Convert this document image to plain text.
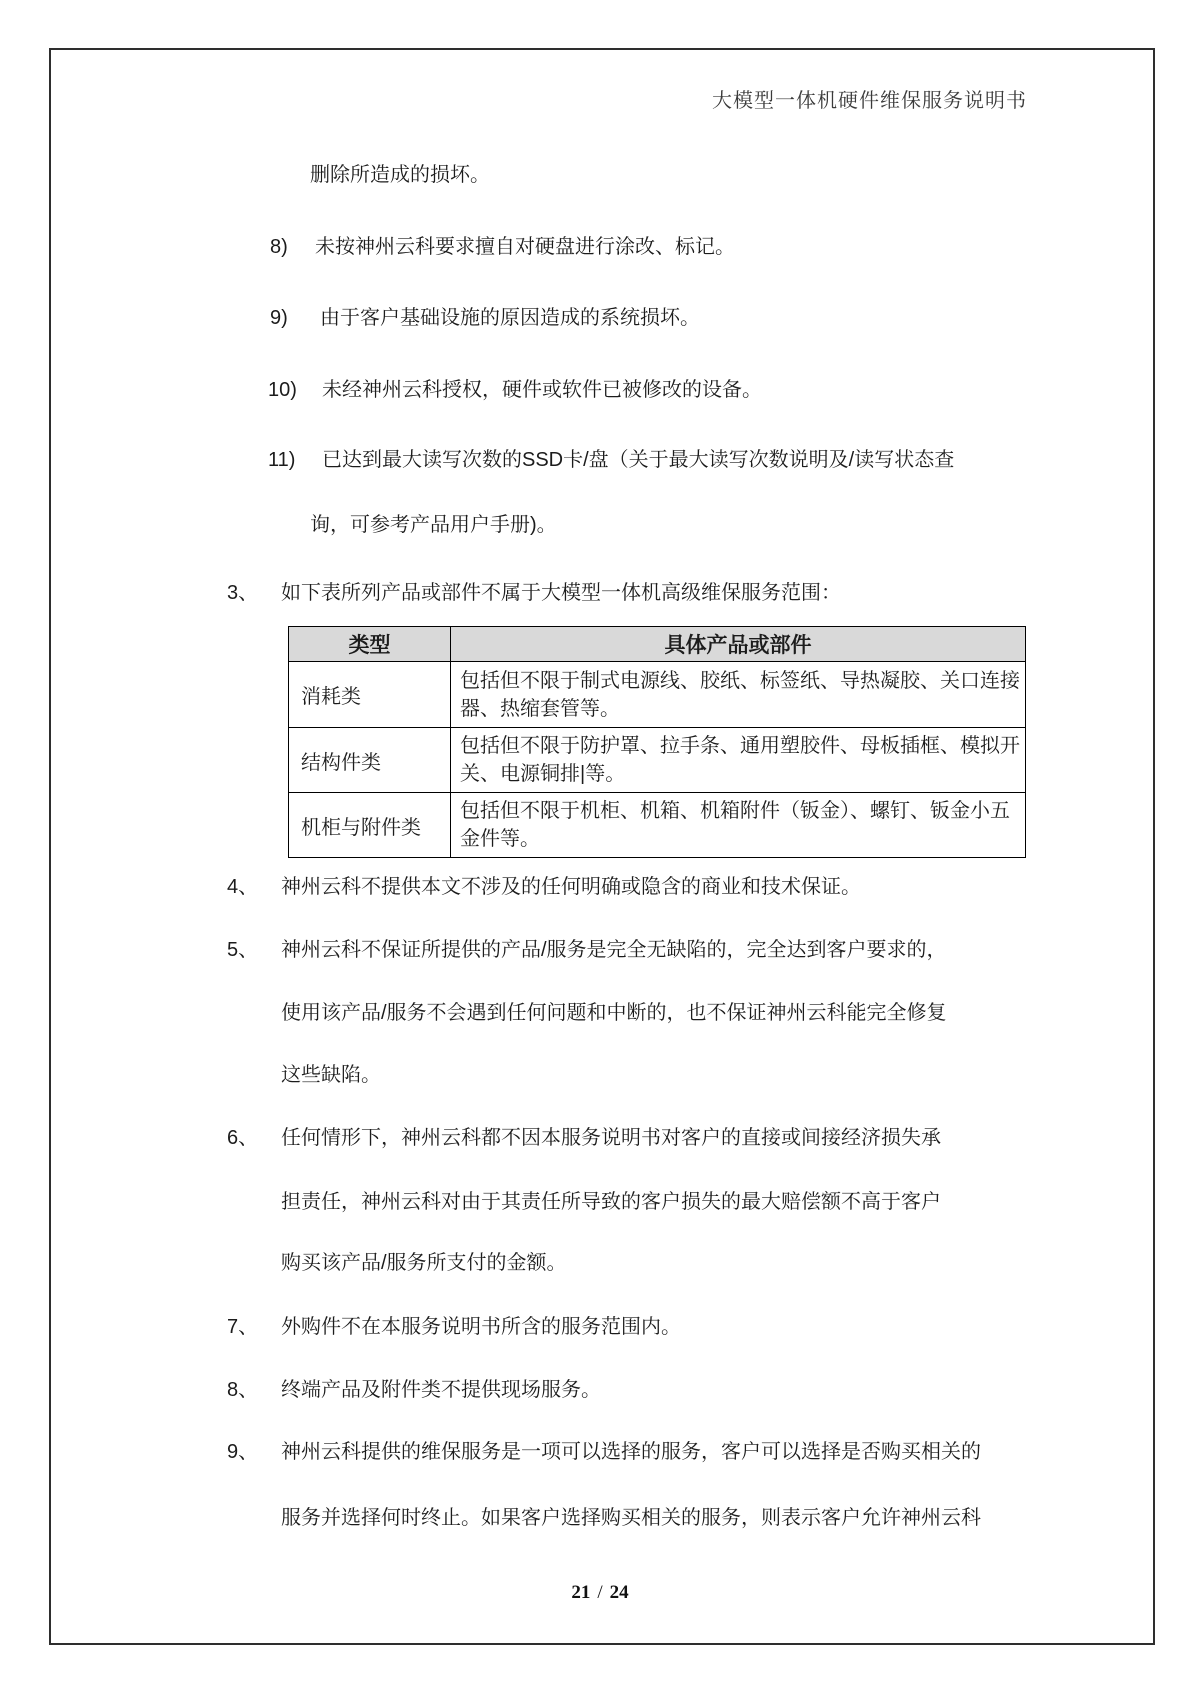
大模型一体机硬件维保服务说明书
删除所造成的损坏。
8) 未按神州云科要求擅自对硬盘进行涂改、标记。
9) 由于客户基础设施的原因造成的系统损坏。
10) 未经神州云科授权，硬件或软件已被修改的设备。
11) 已达到最大读写次数的SSD卡/盘（关于最大读写次数说明及/读写状态查
询，可参考产品用户手册)。
3、 如下表所列产品或部件不属于大模型一体机高级维保服务范围：
类型	具体产品或部件
消耗类	包括但不限于制式电源线、胶纸、标签纸、导热凝胶、关口连接
器、热缩套管等。

结构件类	包括但不限于防护罩、拉手条、通用塑胶件、母板插框、模拟开
关、电源铜排|等。

机柜与附件类	包括但不限于机柜、机箱、机箱附件（钣金）、螺钉、钣金小五
金件等。
4、 神州云科不提供本文不涉及的任何明确或隐含的商业和技术保证。
5、 神州云科不保证所提供的产品/服务是完全无缺陷的，完全达到客户要求的，
使用该产品/服务不会遇到任何问题和中断的，也不保证神州云科能完全修复
这些缺陷。
6、 任何情形下，神州云科都不因本服务说明书对客户的直接或间接经济损失承
担责任，神州云科对由于其责任所导致的客户损失的最大赔偿额不高于客户
购买该产品/服务所支付的金额。
7、 外购件不在本服务说明书所含的服务范围内。
8、 终端产品及附件类不提供现场服务。
9、 神州云科提供的维保服务是一项可以选择的服务，客户可以选择是否购买相关的
服务并选择何时终止。如果客户选择购买相关的服务，则表示客户允许神州云科
21 / 24
